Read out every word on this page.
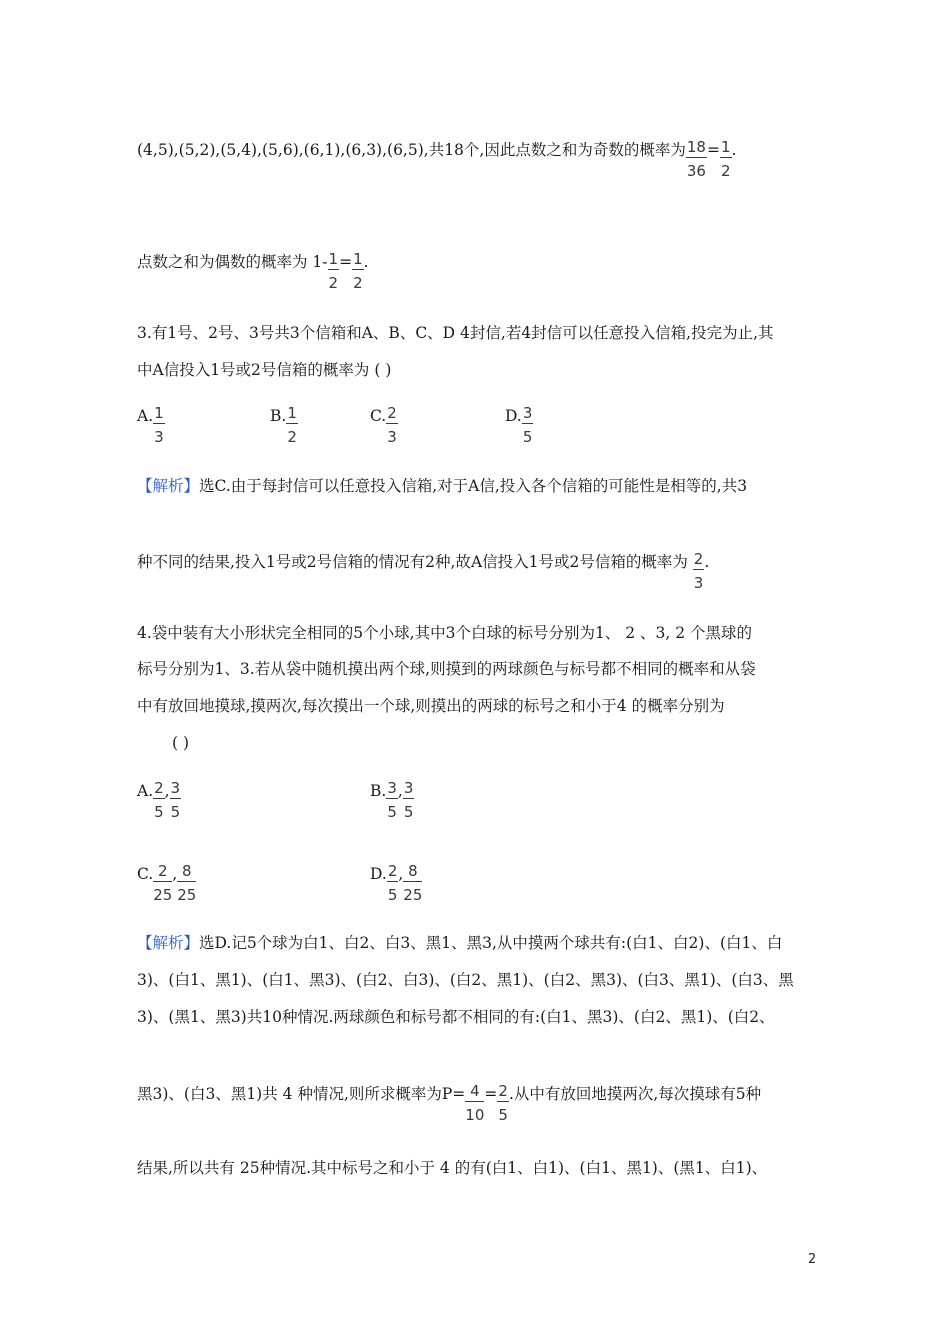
(4,5),(5,2),(5,4),(5,6),(6,1),(6,3),(6,5),共18个,因此点数之和为奇数的概率为 $\frac{18}{36} = \frac{1}{2}$ .
点数之和为偶数的概率为 $1- \frac{1}{2} = \frac{1}{2}$ .
3.有1号、2号、3号共3个信箱和A、B、C、D 4封信,若4封信可以任意投入信箱,投完为止,其
中A信投入1号或2号信箱的概率为 ( )
A. $\frac{1}{3}$	B. $\frac{1}{2}$	C. $\frac{2}{3}$	D. $\frac{3}{5}$
【解析】选C.由于每封信可以任意投入信箱,对于A信,投入各个信箱的可能性是相等的,共3
种不同的结果,投入1号或2号信箱的情况有2种,故A信投入1号或2号信箱的概率为 $\frac{2}{3}$ .
4.袋中装有大小形状完全相同的5个小球,其中3个白球的标号分别为1、 2 、3, 2 个黑球的
标号分别为1、3.若从袋中随机摸出两个球,则摸到的两球颜色与标号都不相同的概率和从袋
中有放回地摸球,摸两次,每次摸出一个球,则摸出的两球的标号之和小于4 的概率分别为
( )
A. $\frac{2}{5}$ , $\frac{3}{5}$	B. $\frac{3}{5}$ , $\frac{3}{5}$
C. $\frac{2}{25}$ , $\frac{8}{25}$	D. $\frac{2}{5}$ , $\frac{8}{25}$
【解析】选D.记5个球为白1、白2、白3、黑1、黑3,从中摸两个球共有:(白1、白2)、(白1、白
3)、(白1、黑1)、(白1、黑3)、(白2、白3)、(白2、黑1)、(白2、黑3)、(白3、黑1)、(白3、黑
3)、(黑1、黑3)共10种情况.两球颜色和标号都不相同的有:(白1、黑3)、(白2、黑1)、(白2、
黑3)、(白3、黑1)共 4 种情况,则所求概率为$P= \frac{4}{10} = \frac{2}{5}$ .从中有放回地摸两次,每次摸球有5种
结果,所以共有 25种情况.其中标号之和小于 4 的有(白1、白1)、(白1、黑1)、(黑1、白1)、
2
